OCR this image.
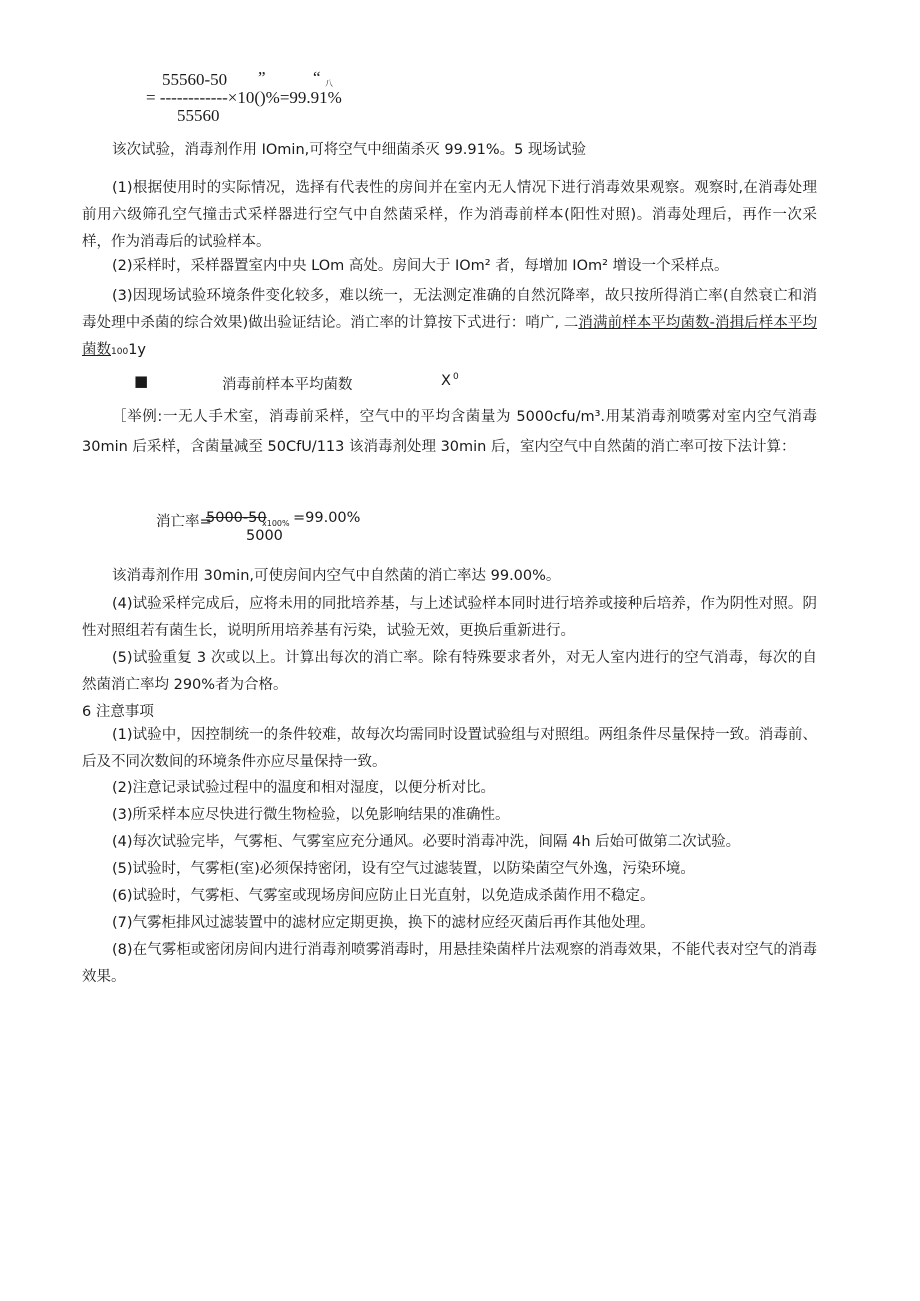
55560-50 ”	“ 八
= ------------×10()%=99.91%
55560
该次试验，消毒剂作用 IOmin,可将空气中细菌杀灭 99.91%。5 现场试验
(1)根据使用时的实际情况，选择有代表性的房间并在室内无人情况下进行消毒效果观察。观察时,在消毒处理前用六级筛孔空气撞击式采样器进行空气中自然菌采样，作为消毒前样本(阳性对照)。消毒处理后，再作一次采样，作为消毒后的试验样本。
(2)采样时，采样器置室内中央 LOm 高处。房间大于 IOm² 者，每增加 IOm² 增设一个采样点。
(3)因现场试验环境条件变化较多，难以统一，无法测定准确的自然沉降率，故只按所得消亡率(自然衰亡和消毒处理中杀菌的综合效果)做出验证结论。消亡率的计算按下式进行：哨广, 二消满前样本平均菌数-消揖后样本平均菌数1001y
■	消毒前样本平均菌数	X 0
［举例:一无人手术室，消毒前采样，空气中的平均含菌量为 5000cfu∕m³.用某消毒剂喷雾对室内空气消毒 30min 后采样，含菌量减至 50CfU∕113 该消毒剂处理 30min 后，室内空气中自然菌的消亡率可按下法计算：
消亡率=
5000-50
x100% =99.00%
5000
该消毒剂作用 30min,可使房间内空气中自然菌的消亡率达 99.00%。
(4)试验采样完成后，应将未用的同批培养基，与上述试验样本同时进行培养或接种后培养，作为阴性对照。阴性对照组若有菌生长，说明所用培养基有污染，试验无效，更换后重新进行。
(5)试验重复 3 次或以上。计算出每次的消亡率。除有特殊要求者外，对无人室内进行的空气消毒，每次的自然菌消亡率均 290%者为合格。
6 注意事项
(1)试验中，因控制统一的条件较难，故每次均需同时设置试验组与对照组。两组条件尽量保持一致。消毒前、后及不同次数间的环境条件亦应尽量保持一致。
(2)注意记录试验过程中的温度和相对湿度，以便分析对比。
(3)所采样本应尽快进行微生物检验，以免影响结果的准确性。
(4)每次试验完毕，气雾柜、气雾室应充分通风。必要时消毒冲洗，间隔 4h 后始可做第二次试验。
(5)试验时，气雾柜(室)必须保持密闭，设有空气过滤装置，以防染菌空气外逸，污染环境。
(6)试验时，气雾柜、气雾室或现场房间应防止日光直射，以免造成杀菌作用不稳定。
(7)气雾柜排风过滤装置中的滤材应定期更换，换下的滤材应经灭菌后再作其他处理。
(8)在气雾柜或密闭房间内进行消毒剂喷雾消毒时，用悬挂染菌样片法观察的消毒效果，不能代表对空气的消毒效果。
